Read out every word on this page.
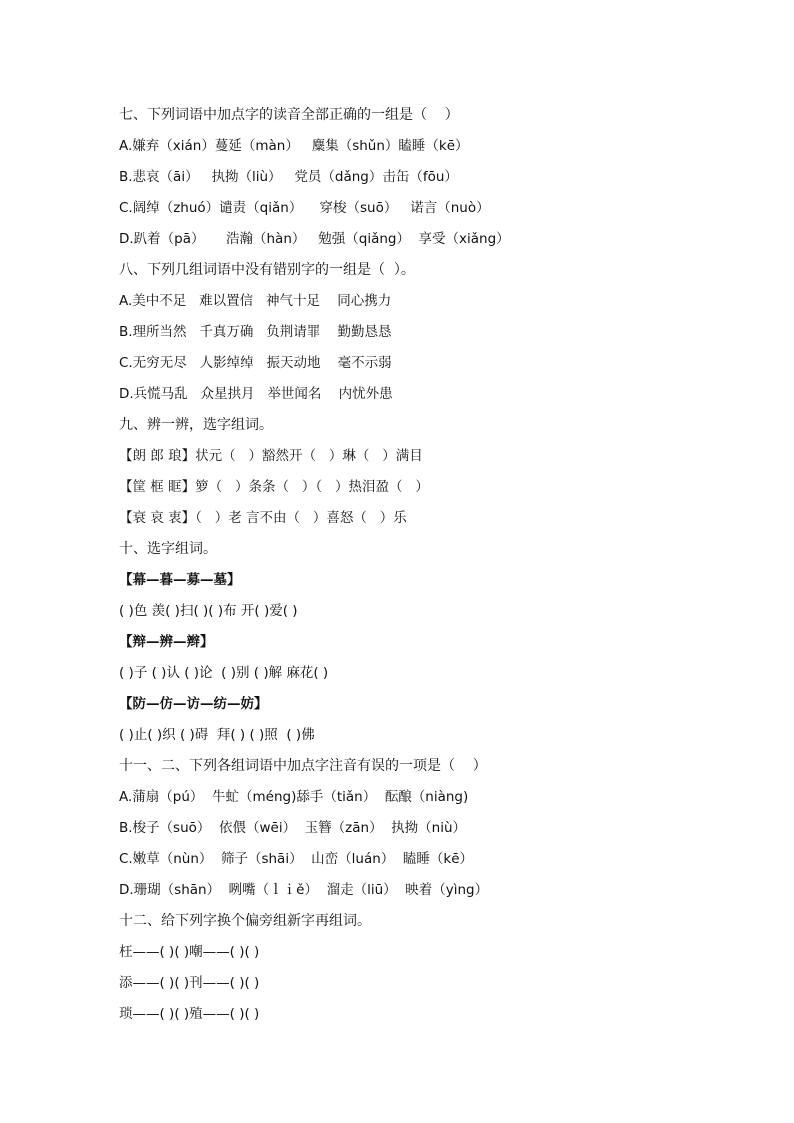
七、下列词语中加点字的读音全部正确的一组是（    ）
A.嫌弃（xián）蔓延（màn）   麋集（shǔn）瞌睡（kē）
B.悲哀（āi）   执拗（liù）   党员（dǎng）击缶（fōu）
C.阔绰（zhuó）谴责（qiǎn）    穿梭（suō）   诺言（nuò）
D.趴着（pā）     浩瀚（hàn）   勉强（qiǎng）  享受（xiǎng）
八、下列几组词语中没有错别字的一组是（  ）。
A.美中不足   难以置信   神气十足    同心携力
B.理所当然   千真万确   负荆请罪    勤勤恳恳
C.无穷无尽   人影绰绰   振天动地    毫不示弱
D.兵慌马乱   众星拱月   举世闻名    内忧外患
九、辨一辨，选字组词。
【朗 郎 琅】状元（   ）豁然开（   ）琳（   ）满目
【筐 框 眶】箩（   ）条条（   ）（   ）热泪盈（   ）
【衰 哀 衷】（   ）老 言不由（   ）喜怒（   ）乐
十、选字组词。
【幕—暮—募—墓】
( )色 羡( )扫( )( )布 开( )爱( )
【辩—辨—辫】
( )子 ( )认 ( )论  ( )别 ( )解 麻花( )
【防—仿—访—纺—妨】
( )止( )织 ( )碍  拜( ) ( )照  ( )佛
十一、二、下列各组词语中加点字注音有误的一项是（    ）
A.蒲扇（pú）  牛虻（méng)舔手（tiǎn）  酝酿（niàng)
B.梭子（suō）  依偎（wēi）  玉簪（zān）  执拗（niù）
C.嫩草（nùn）  筛子（shāi）  山峦（luán）  瞌睡（kē）
D.珊瑚（shān）  咧嘴（ｌｉě）  溜走（liū）  映着（yìng）
十二、给下列字换个偏旁组新字再组词。
枉——( )( )嘲——( )( )
添——( )( )刊——( )( )
琐——( )( )殖——( )( )
